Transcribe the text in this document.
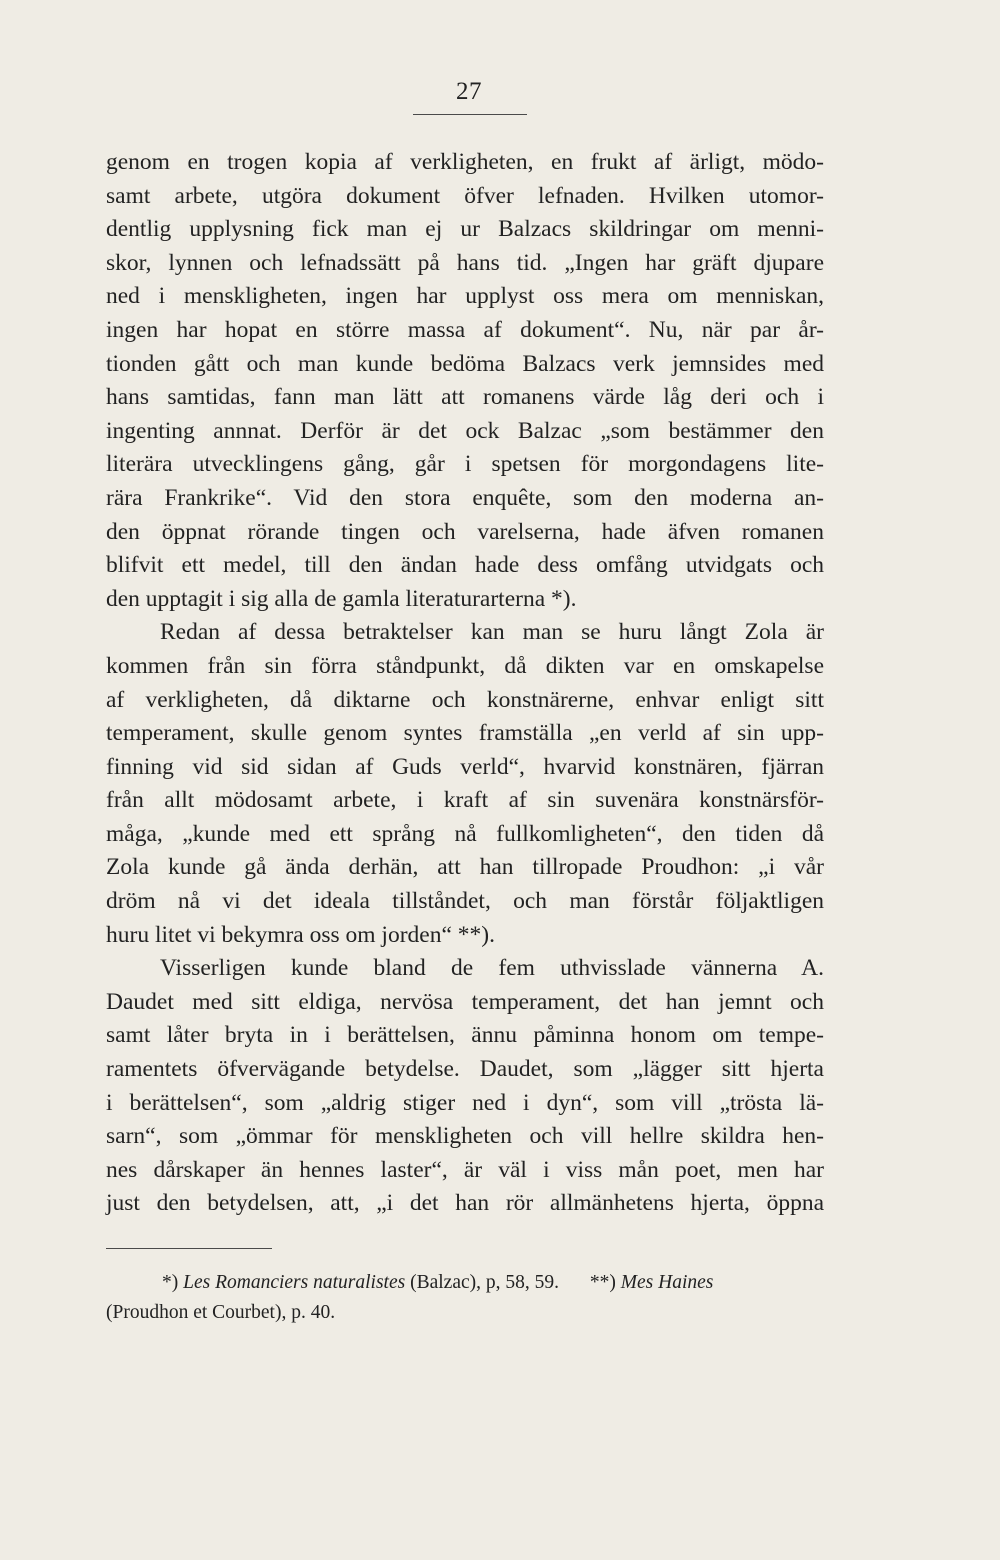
27
genom en trogen kopia af verkligheten, en frukt af ärligt, mödo-
samt arbete, utgöra dokument öfver lefnaden. Hvilken utomor-
dentlig upplysning fick man ej ur Balzacs skildringar om menni-
skor, lynnen och lefnadssätt på hans tid. „Ingen har gräft djupare
ned i menskligheten, ingen har upplyst oss mera om menniskan,
ingen har hopat en större massa af dokument“. Nu, när par år-
tionden gått och man kunde bedöma Balzacs verk jemnsides med
hans samtidas, fann man lätt att romanens värde låg deri och i
ingenting annnat. Derför är det ock Balzac „som bestämmer den
literära utvecklingens gång, går i spetsen för morgondagens lite-
rära Frankrike“. Vid den stora enquête, som den moderna an-
den öppnat rörande tingen och varelserna, hade äfven romanen
blifvit ett medel, till den ändan hade dess omfång utvidgats och
den upptagit i sig alla de gamla literaturarterna *).
Redan af dessa betraktelser kan man se huru långt Zola är
kommen från sin förra ståndpunkt, då dikten var en omskapelse
af verkligheten, då diktarne och konstnärerne, enhvar enligt sitt
temperament, skulle genom syntes framställa „en verld af sin upp-
finning vid sid sidan af Guds verld“, hvarvid konstnären, fjärran
från allt mödosamt arbete, i kraft af sin suvenära konstnärsför-
måga, „kunde med ett språng nå fullkomligheten“, den tiden då
Zola kunde gå ända derhän, att han tillropade Proudhon: „i vår
dröm nå vi det ideala tillståndet, och man förstår följaktligen
huru litet vi bekymra oss om jorden“ **).
Visserligen kunde bland de fem uthvisslade vännerna A.
Daudet med sitt eldiga, nervösa temperament, det han jemnt och
samt låter bryta in i berättelsen, ännu påminna honom om tempe-
ramentets öfvervägande betydelse. Daudet, som „lägger sitt hjerta
i berättelsen“, som „aldrig stiger ned i dyn“, som vill „trösta lä-
sarn“, som „ömmar för menskligheten och vill hellre skildra hen-
nes dårskaper än hennes laster“, är väl i viss mån poet, men har
just den betydelsen, att, „i det han rör allmänhetens hjerta, öppna
*) Les Romanciers naturalistes (Balzac), p, 58, 59. **) Mes Haines
(Proudhon et Courbet), p. 40.
